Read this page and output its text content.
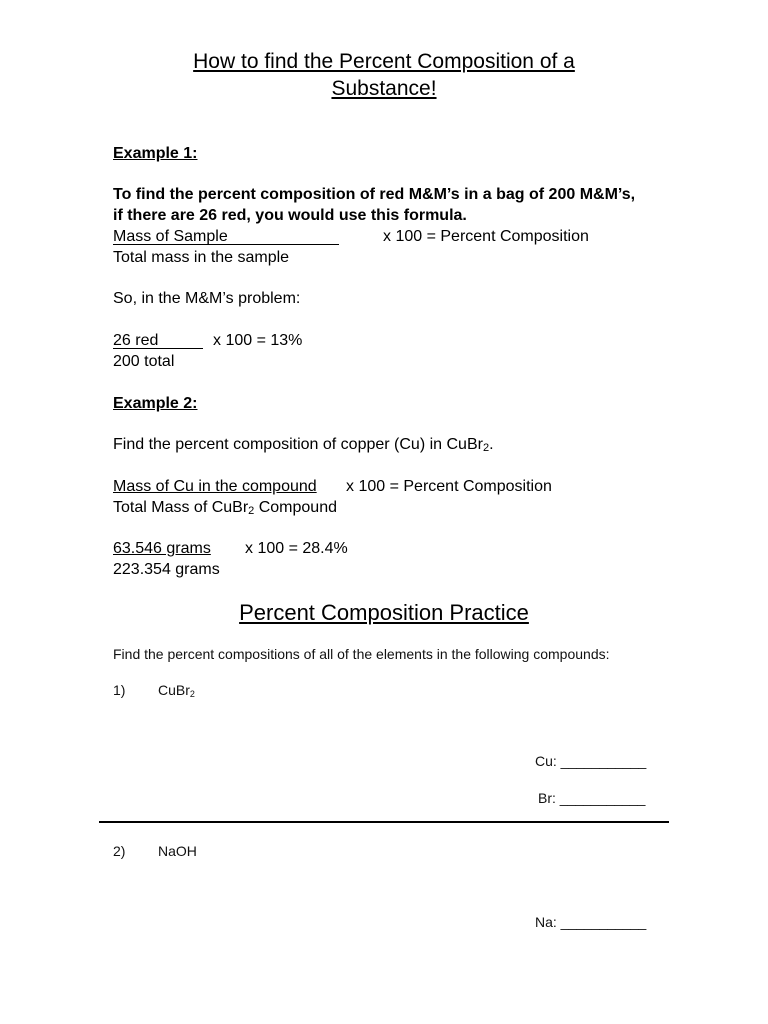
How to find the Percent Composition of a
Substance!
Example 1:
To find the percent composition of red M&M’s in a bag of 200 M&M’s,
if there are 26 red, you would use this formula.
Mass of Sample	x 100 = Percent Composition
Total mass in the sample
So, in the M&M’s problem:
26 red	x 100 = 13%
200 total
Example 2:
Find the percent composition of copper (Cu) in CuBr2.
Mass of Cu in the compound x 100 = Percent Composition
Total Mass of CuBr2 Compound
63.546 grams x 100 = 28.4%
223.354 grams
Percent Composition Practice
Find the percent compositions of all of the elements in the following compounds:
1) CuBr$_2$
Cu: ___________
Br: ___________
2) NaOH
Na: ___________
